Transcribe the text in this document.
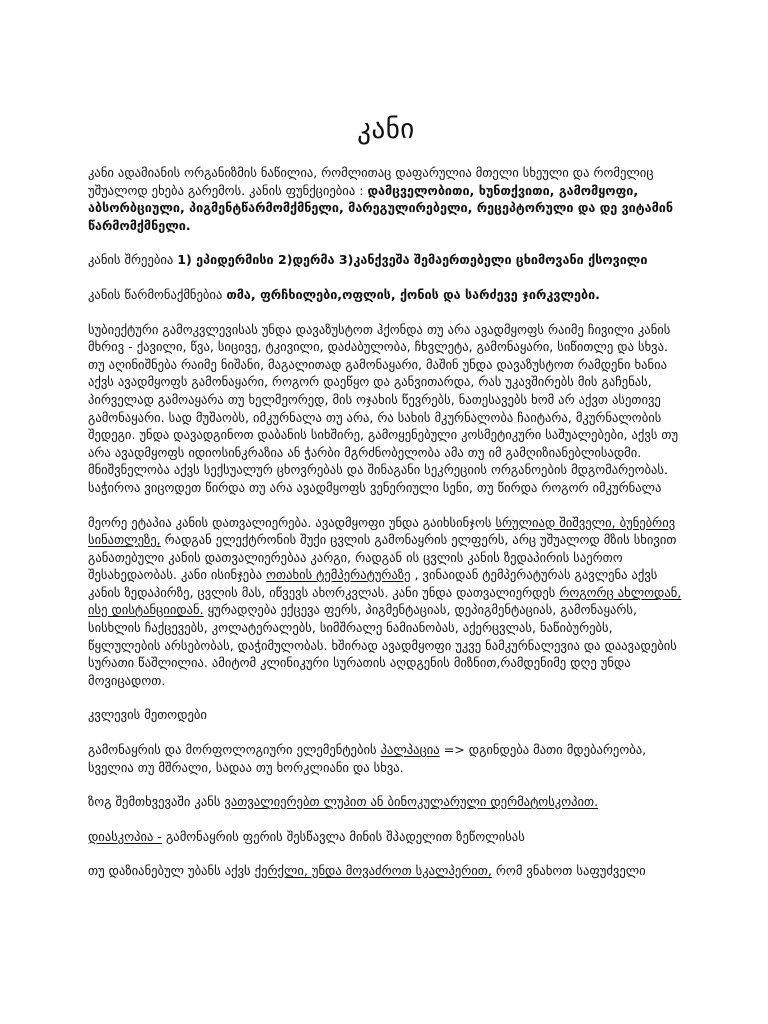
კანი

კანი ადამიანის ორგანიზმის ნაწილია, რომლითაც დაფარულია მთელი სხეული და რომელიც უშუალოდ ეხება გარემოს. კანის ფუნქციებია : დამცველობითი, ხუნთქვითი, გამომყოფი, აბსორბციული, პიგმენტწარმომქმნელი, მარეგულირებელი, რეცეპტორული და დე ვიტამინ წარმომქმნელი.

კანის შრეებია 1) ეპიდერმისი 2)დერმა 3)კანქვეშა შემაერთებელი ცხიმოვანი ქსოვილი

კანის წარმონაქმნებია თმა, ფრჩხილები,ოფლის, ქონის და სარძევე ჯირკვლები.

სუბიექტური გამოკვლევისას უნდა დავაზუსტოთ ჰქონდა თუ არა ავადმყოფს რაიმე ჩივილი კანის მხრივ - ქავილი, წვა, სიცივე, ტკივილი, დაძაბულობა, ჩხვლეტა, გამონაყარი, სიწითლე და სხვა. თუ აღინიშნება რაიმე ნიშანი, მაგალითად გამონაყარი, მაშინ უნდა დავაზუსტოთ რამდენი ხანია აქვს ავადმყოფს გამონაყარი, როგორ დაეწყო და განვითარდა, რას უკავშირებს მის გაჩენას, პირველად გამოაყარა თუ ხელმეორედ, მის ოჯახის წევრებს, ნათესავებს ხომ არ აქვთ ასეთივე გამონაყარი. სად მუშაობს, იმკურნალა თუ არა, რა სახის მკურნალობა ჩაიტარა, მკურნალობის შედეგი. უნდა დავადგინოთ დაბანის სიხშირე, გამოყენებული კოსმეტიკური საშუალებები, აქვს თუ არა ავადმყოფს იდიოსინკრაზია ან ჭარბი მგრძნობელობა ამა თუ იმ გამღიზიანებლისადმი. მნიშვნელობა აქვს სექსუალურ ცხოვრებას და შინაგანი სეკრეციის ორგანოების მდგომარეობას. საჭიროა ვიცოდეთ წირდა თუ არა ავადმყოფს ვენერიული სენი, თუ წირდა როგორ იმკურნალა

მეორე ეტაპია კანის დათვალიერება. ავადმყოფი უნდა გაიხსინჯოს სრულიად შიშველი, ბუნებრივ სინათლეზე, რადგან ელექტრონის შუქი ცვლის გამონაყრის ელფერს, არც უშუალოდ მზის სხივით განათებული კანის დათვალიერებაა კარგი, რადგან ის ცვლის კანის ზედაპირის საერთო შესახედაობას. კანი ისინჯება ოთახის ტემპერატურაზე , ვინაიდან ტემპერატურას გავლენა აქვს კანის ზედაპირზე, ცვლის მას, იწვევს ახორკვლას. კანი უნდა დათვალიერდეს როგორც ახლოდან, ისე დისტანციიდან. ყურადღება ექცევა ფერს, პიგმენტაციას, დეპიგმენტაციას, გამონაყარს, სისხლის ჩაქცევებს, კოლატერალებს, სიმშრალე ნამიანობას, აქერცვლას, ნაწიბურებს, წყლულების არსებობას, დაჭიმულობას. ხშირად ავადმყოფი უკვე ნამკურნალევია და დაავადების სურათი წაშლილია. ამიტომ კლინიკური სურათის აღდგენის მიზნით,რამდენიმე დღე უნდა მოვიცადოთ.

კვლევის მეთოდები

გამონაყრის და მორფოლოგიური ელემენტების პალპაცია => დგინდება მათი მდებარეობა, სველია თუ მშრალი, სადაა თუ ხორკლიანი და სხვა.

ზოგ შემთხვევაში კანს ვათვალიერებთ ლუპით ან ბინოკულარული დერმატოსკოპით.

დიასკოპია - გამონაყრის ფერის შესწავლა მინის შპადელით ზეწოლისას

თუ დაზიანებულ უბანს აქვს ქერქლი, უნდა მოვაძროთ სკალპერით, რომ ვნახოთ საფუძველი
